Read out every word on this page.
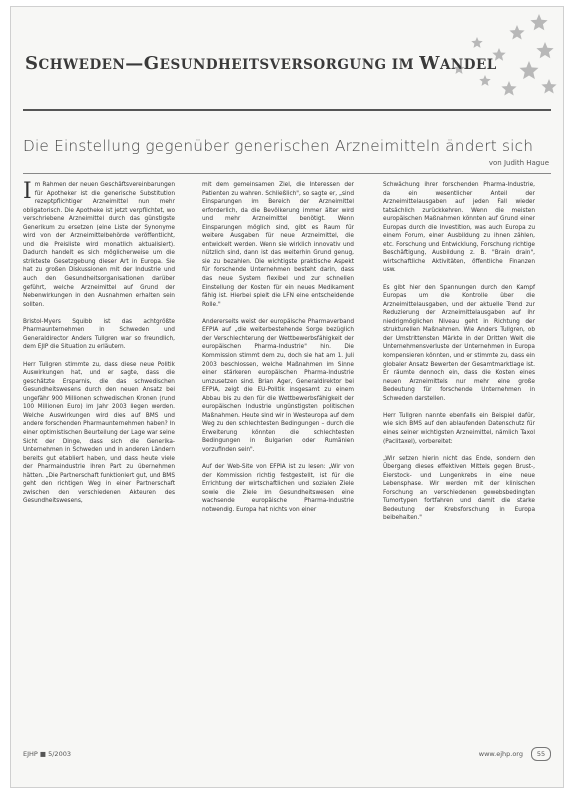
SCHWEDEN—GESUNDHEITSVERSORGUNG IM WANDEL
Die Einstellung gegenüber generischen Arzneimitteln ändert sich
von Judith Hague

Im Rahmen der neuen Geschäftsvereinbarungen für Apotheker ist die generische Substitution rezeptpflichtiger Arzneimittel nun mehr obligatorisch. Die Apotheke ist jetzt verpflichtet, wo verschriebene Arzneimittel durch das günstigste Generikum zu ersetzen (eine Liste der Synonyme wird von der Arzneimittelbehörde veröffentlicht, und die Preisliste wird monatlich aktualisiert). Dadurch handelt es sich möglicherweise um die strikteste Gesetzgebung dieser Art in Europa. Sie hat zu großen Diskussionen mit der Industrie und auch den Gesundheitsorganisationen darüber geführt, welche Arzneimittel auf Grund der Nebenwirkungen in den Ausnahmen erhalten sein sollten.

Bristol-Myers Squibb ist das achtgrößte Pharmaunternehmen in Schweden und Generaldirector Anders Tullgren war so freundlich, dem EJIP die Situation zu erläutern.

Herr Tullgren stimmte zu, dass diese neue Politik Auswirkungen hat, und er sagte, dass die geschätzte Ersparnis, die das schwedischen Gesundheitswesens durch den neuen Ansatz bei ungefähr 900 Millionen schwedischen Kronen (rund 100 Millionen Euro) im Jahr 2003 liegen werden. Welche Auswirkungen wird dies auf BMS und andere forschenden Pharmaunternehmen haben? In einer optimistischen Beurteilung der Lage war seine Sicht der Dinge, dass sich die Generika-Unternehmen in Schweden und in anderen Ländern bereits gut etabliert haben, und dass heute viele der Pharmaindustrie ihren Part zu übernehmen hätten. „Die Partnerschaft funktioniert gut, und BMS geht den richtigen Weg in einer Partnerschaft zwischen den verschiedenen Akteuren des Gesundheitswesens,

mit dem gemeinsamen Ziel, die Interessen der Patienten zu wahren. Schließlich", so sagte er, „sind Einsparungen im Bereich der Arzneimittel erforderlich, da die Bevölkerung immer älter wird und mehr Arzneimittel benötigt. Wenn Einsparungen möglich sind, gibt es Raum für weitere Ausgaben für neue Arzneimittel, die entwickelt werden. Wenn sie wirklich innovativ und nützlich sind, dann ist das weiterhin Grund genug, sie zu bezahlen. Die wichtigste praktische Aspekt für forschende Unternehmen besteht darin, dass das neue System flexibel und zur schnellen Einstellung der Kosten für ein neues Medikament fähig ist. Hierbei spielt die LFN eine entscheidende Rolle."

Andererseits weist der europäische Pharmaverband EFPIA auf „die weiterbestehende Sorge bezüglich der Verschlechterung der Wettbewerbsfähigkeit der europäischen Pharma-Industrie" hin. Die Kommission stimmt dem zu, doch sie hat am 1. Juli 2003 beschlossen, welche Maßnahmen im Sinne einer stärkeren europäischen Pharma-Industrie umzusetzen sind. Brian Ager, Generaldirektor bei EFPIA, zeigt die EU-Politik insgesamt zu einem Abbau bis zu den für die Wettbewerbsfähigkeit der europäischen Industrie ungünstigsten politischen Maßnahmen. Heute sind wir in Westeuropa auf dem Weg zu den schlechtesten Bedingungen – durch die Erweiterung könnten die schlechtesten Bedingungen in Bulgarien oder Rumänien vorzufinden sein".

Auf der Web-Site von EFPIA ist zu lesen: „Wir von der Kommission richtig festgestellt, ist für die Errichtung der wirtschaftlichen und sozialen Ziele sowie die Ziele im Gesundheitswesen eine wachsende europäische Pharma-Industrie notwendig. Europa hat nichts von einer

Schwächung ihrer forschenden Pharma-Industrie, da ein wesentlicher Anteil der Arzneimittelausgaben auf jeden Fall wieder tatsächlich zurückkehren. Wenn die meisten europäischen Maßnahmen könnten auf Grund einer Europas durch die Investition, was auch Europa zu einem Forum, einer Ausbildung zu ihnen zählen, etc. Forschung und Entwicklung, Forschung richtige Beschäftigung, Ausbildung z. B. "Brain drain", wirtschaftliche Aktivitäten, öffentliche Finanzen usw.

Es gibt hier den Spannungen durch den Kampf Europas um die Kontrolle über die Arzneimittelausgaben, und der aktuelle Trend zur Reduzierung der Arzneimittelausgaben auf ihr niedrigmöglichen Niveau geht in Richtung der strukturellen Maßnahmen. Wie Anders Tullgren, ob der Umstrittensten Märkte in der Dritten Welt die Unternehmensverluste der Unternehmen in Europa kompensieren könnten, und er stimmte zu, dass ein globaler Ansatz Bewerten der Gesamtmarktlage ist. Er räumte dennoch ein, dass die Kosten eines neuen Arzneimittels nur mehr eine große Bedeutung für forschende Unternehmen in Schweden darstellen.

Herr Tullgren nannte ebenfalls ein Beispiel dafür, wie sich BMS auf den ablaufenden Datenschutz für eines seiner wichtigsten Arzneimittel, nämlich Taxol (Paclitaxel), vorbereitet:

„Wir setzen hierin nicht das Ende, sondern den Übergang dieses effektiven Mittels gegen Brust-, Eierstock- und Lungenkrebs in eine neue Lebensphase. Wir werden mit der klinischen Forschung an verschiedenen gewebsbedingten Tumortypen fortfahren und damit die starke Bedeutung der Krebsforschung in Europa beibehalten."

EJHP ■ 5/2003	www.ejhp.org	55
